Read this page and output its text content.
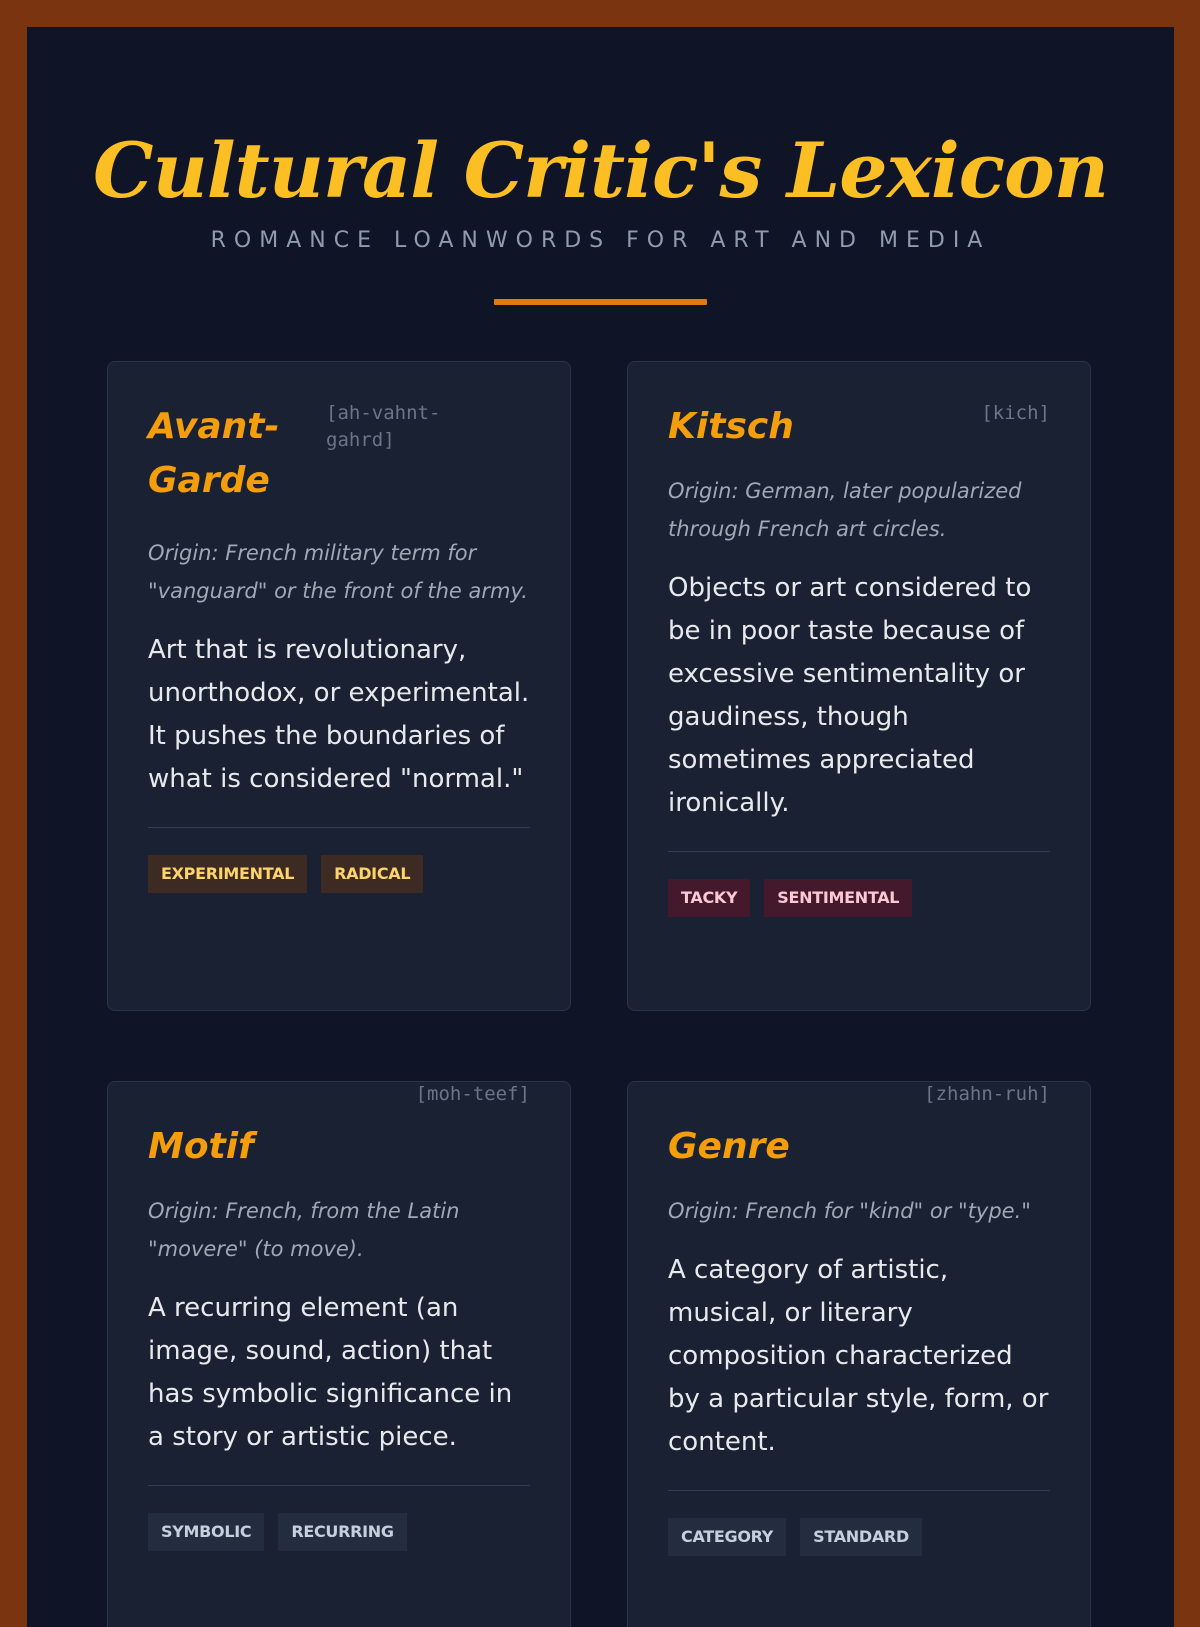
Cultural Critic's Lexicon
ROMANCE LOANWORDS FOR ART AND MEDIA
Avant-
Garde
[ah-vahnt-
gahrd]

Origin: French military term for "vanguard" or the front of the army.

Art that is revolutionary, unorthodox, or experimental. It pushes the boundaries of what is considered "normal."

EXPERIMENTAL	RADICAL
Kitsch	[kich]

Origin: German, later popularized through French art circles.

Objects or art considered to be in poor taste because of excessive sentimentality or gaudiness, though sometimes appreciated ironically.

TACKY	SENTIMENTAL
Motif
[moh-teef]

Origin: French, from the Latin "movere" (to move).

A recurring element (an image, sound, action) that has symbolic significance in a story or artistic piece.

SYMBOLIC	RECURRING
Genre
[zhahn-ruh]

Origin: French for "kind" or "type."

A category of artistic, musical, or literary composition characterized by a particular style, form, or content.

CATEGORY	STANDARD
